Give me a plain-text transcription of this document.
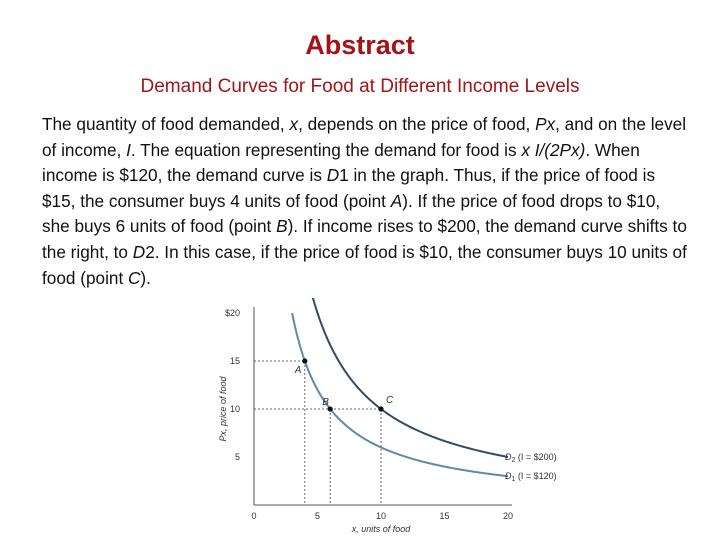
Abstract
Demand Curves for Food at Different Income Levels
The quantity of food demanded, x, depends on the price of food, Px, and on the level of income, I. The equation representing the demand for food is x I/(2Px). When income is $120, the demand curve is D1 in the graph. Thus, if the price of food is $15, the consumer buys 4 units of food (point A). If the price of food drops to $10, she buys 6 units of food (point B). If income rises to $200, the demand curve shifts to the right, to D2. In this case, if the price of food is $10, the consumer buys 10 units of food (point C).
0	5	10	15	20
5
10
15
$20
x, units of food
Px, price of food
A
B	C
$D_1$ (I = $120)
$D_2$ (I = $200)
